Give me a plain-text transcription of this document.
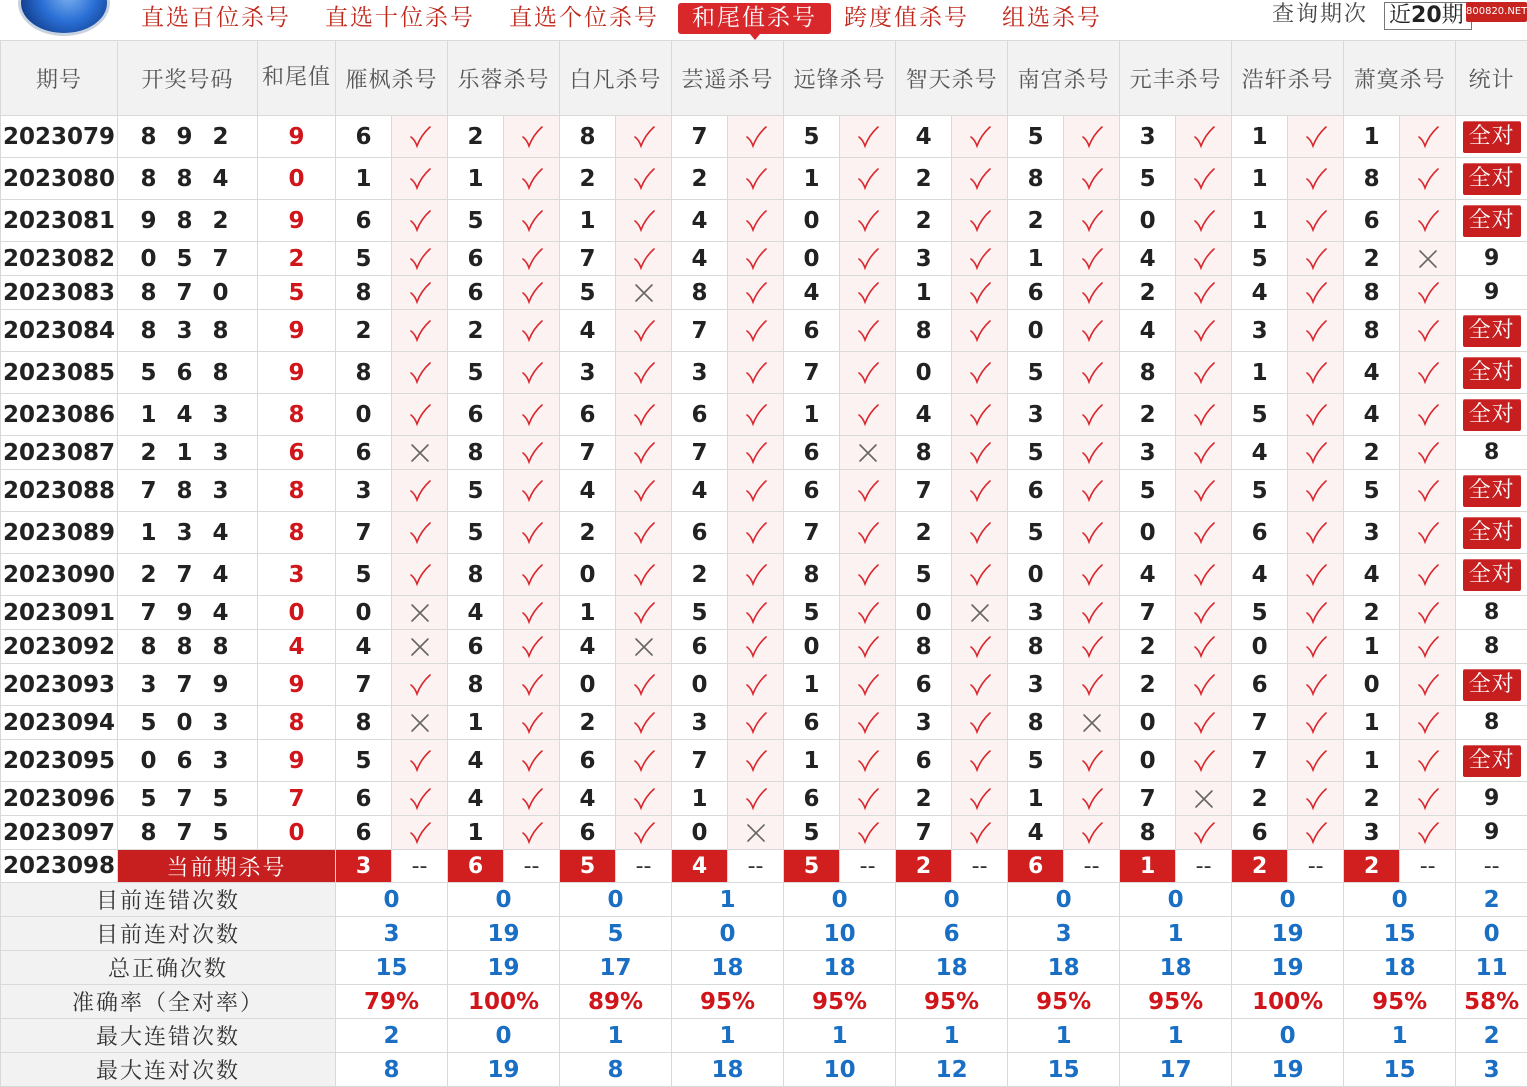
直选百位杀号 直选十位杀号 直选个位杀号	和尾值杀号	跨度值杀号 组选杀号	查询期次 近20期 800820.NET
期号	开奖号码	和尾值	雁枫杀号		乐蓉杀号		白凡杀号		芸遥杀号		远锋杀号		智天杀号		南宫杀号		元丰杀号		浩轩杀号		萧寞杀号		统计
2023079	8 9 2	9	6		2		8		7		5		4		5		3		1		1		全对
2023080	8 8 4	0	1		1		2		2		1		2		8		5		1		8		全对
2023081	9 8 2	9	6		5		1		4		0		2		2		0		1		6		全对
2023082	0 5 7	2	5		6		7		4		0		3		1		4		5		2		9
2023083	8 7 0	5	8		6		5		8		4		1		6		2		4		8		9
2023084	8 3 8	9	2		2		4		7		6		8		0		4		3		8		全对
2023085	5 6 8	9	8		5		3		3		7		0		5		8		1		4		全对
2023086	1 4 3	8	0		6		6		6		1		4		3		2		5		4		全对
2023087	2 1 3	6	6		8		7		7		6		8		5		3		4		2		8
2023088	7 8 3	8	3		5		4		4		6		7		6		5		5		5		全对
2023089	1 3 4	8	7		5		2		6		7		2		5		0		6		3		全对
2023090	2 7 4	3	5		8		0		2		8		5		0		4		4		4		全对
2023091	7 9 4	0	0		4		1		5		5		0		3		7		5		2		8
2023092	8 8 8	4	4		6		4		6		0		8		8		2		0		1		8
2023093	3 7 9	9	7		8		0		0		1		6		3		2		6		0		全对
2023094	5 0 3	8	8		1		2		3		6		3		8		0		7		1		8
2023095	0 6 3	9	5		4		6		7		1		6		5		0		7		1		全对
2023096	5 7 5	7	6		4		4		1		6		2		1		7		2		2		9
2023097	8 7 5	0	6		1		6		0		5		7		4		8		6		3		9
2023098	当前期杀号		3	--	6	--	5	--	4	--	5	--	2	--	6	--	1	--	2	--	2	--	--
目前连错次数			0		0		0		1		0		0		0		0		0		0		2
目前连对次数			3		19		5		0		10		6		3		1		19		15		0
总正确次数			15		19		17		18		18		18		18		18		19		18		11
准确率（全对率）			79%		100%		89%		95%		95%		95%		95%		95%		100%		95%		58%
最大连错次数			2		0		1		1		1		1		1		1		0		1		2
最大连对次数			8		19		8		18		10		12		15		17		19		15		3
